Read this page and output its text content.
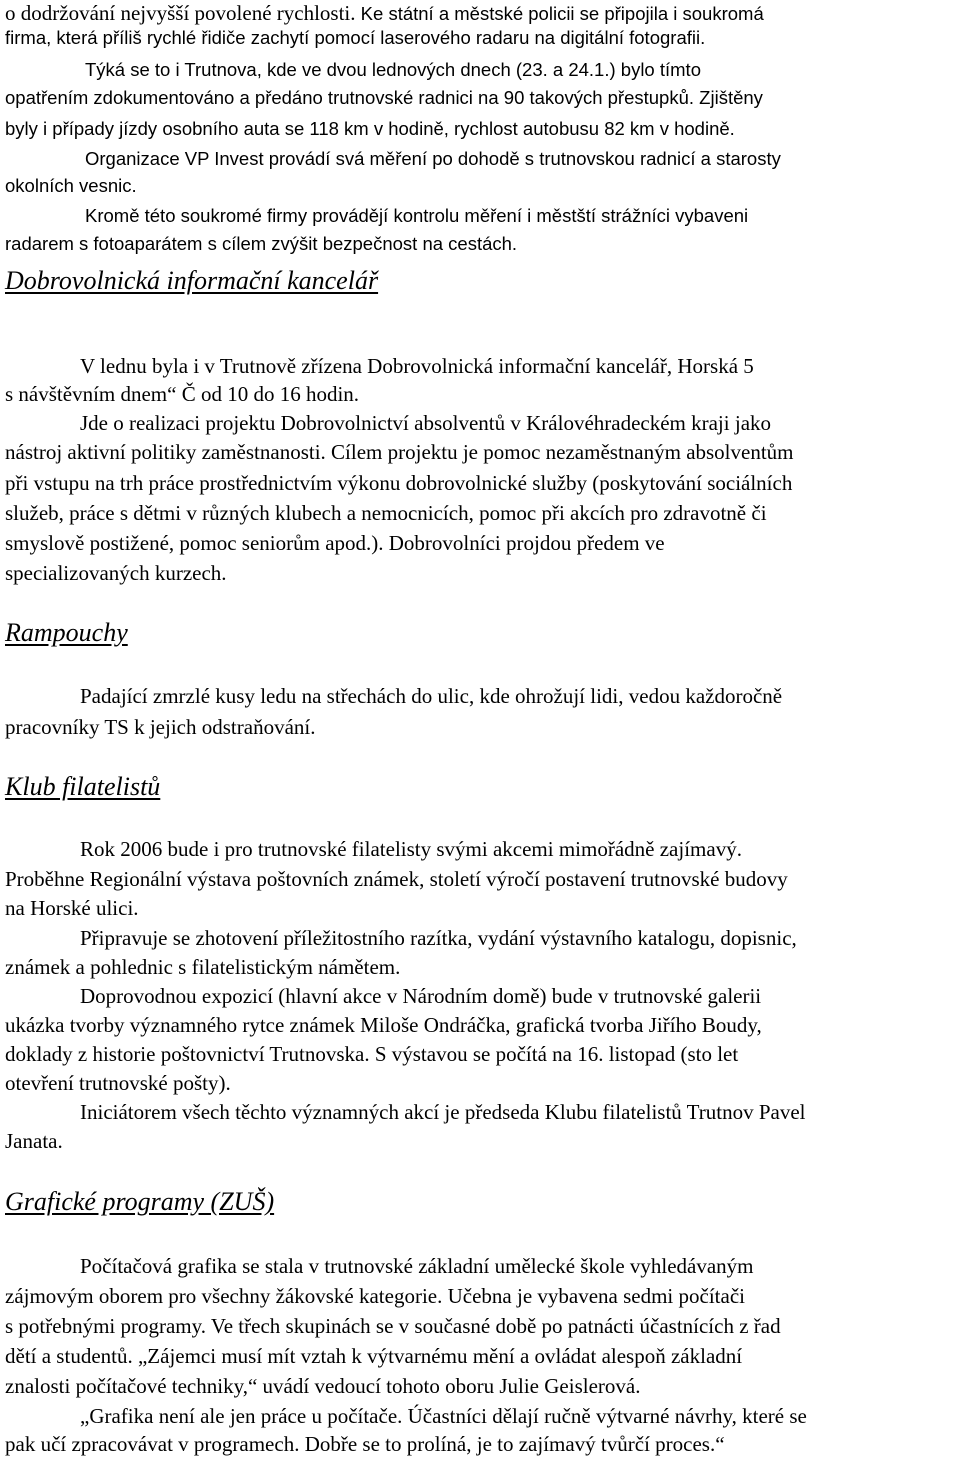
o dodržování nejvyšší povolené rychlosti. Ke státní a městské policii se připojila i soukromá
firma, která příliš rychlé řidiče zachytí pomocí laserového radaru na digitální fotografii.
Týká se to i Trutnova, kde ve dvou lednových dnech (23. a 24.1.) bylo tímto
opatřením zdokumentováno a předáno trutnovské radnici na 90 takových přestupků. Zjištěny
byly i případy jízdy osobního auta se 118 km v hodině, rychlost autobusu 82 km v hodině.
Organizace VP Invest provádí svá měření po dohodě s trutnovskou radnicí a starosty
okolních vesnic.
Kromě této soukromé firmy provádějí kontrolu měření i městští strážníci vybaveni
radarem s fotoaparátem s cílem zvýšit bezpečnost na cestách.
Dobrovolnická informační kancelář
V lednu byla i v Trutnově zřízena Dobrovolnická informační kancelář, Horská 5
s návštěvním dnem“ Č od 10 do 16 hodin.
Jde o realizaci projektu Dobrovolnictví absolventů v Královéhradeckém kraji jako
nástroj aktivní politiky zaměstnanosti. Cílem projektu je pomoc nezaměstnaným absolventům
při vstupu na trh práce prostřednictvím výkonu dobrovolnické služby (poskytování sociálních
služeb, práce s dětmi v různých klubech a nemocnicích, pomoc při akcích pro zdravotně či
smyslově postižené, pomoc seniorům apod.). Dobrovolníci projdou předem ve
specializovaných kurzech.
Rampouchy
Padající zmrzlé kusy ledu na střechách do ulic, kde ohrožují lidi, vedou každoročně
pracovníky TS k jejich odstraňování.
Klub filatelistů
Rok 2006 bude i pro trutnovské filatelisty svými akcemi mimořádně zajímavý.
Proběhne Regionální výstava poštovních známek, století výročí postavení trutnovské budovy
na Horské ulici.
Připravuje se zhotovení příležitostního razítka, vydání výstavního katalogu, dopisnic,
známek a pohlednic s filatelistickým námětem.
Doprovodnou expozicí (hlavní akce v Národním domě) bude v trutnovské galerii
ukázka tvorby významného rytce známek Miloše Ondráčka, grafická tvorba Jiřího Boudy,
doklady z historie poštovnictví Trutnovska. S výstavou se počítá na 16. listopad (sto let
otevření trutnovské pošty).
Iniciátorem všech těchto významných akcí je předseda Klubu filatelistů Trutnov Pavel
Janata.
Grafické programy (ZUŠ)
Počítačová grafika se stala v trutnovské základní umělecké škole vyhledávaným
zájmovým oborem pro všechny žákovské kategorie. Učebna je vybavena sedmi počítači
s potřebnými programy. Ve třech skupinách se v současné době po patnácti účastnících z řad
dětí a studentů. „Zájemci musí mít vztah k výtvarnému mění a ovládat alespoň základní
znalosti počítačové techniky,“ uvádí vedoucí tohoto oboru Julie Geislerová.
„Grafika není ale jen práce u počítače. Účastníci dělají ručně výtvarné návrhy, které se
pak učí zpracovávat v programech. Dobře se to prolíná, je to zajímavý tvůrčí proces.“
